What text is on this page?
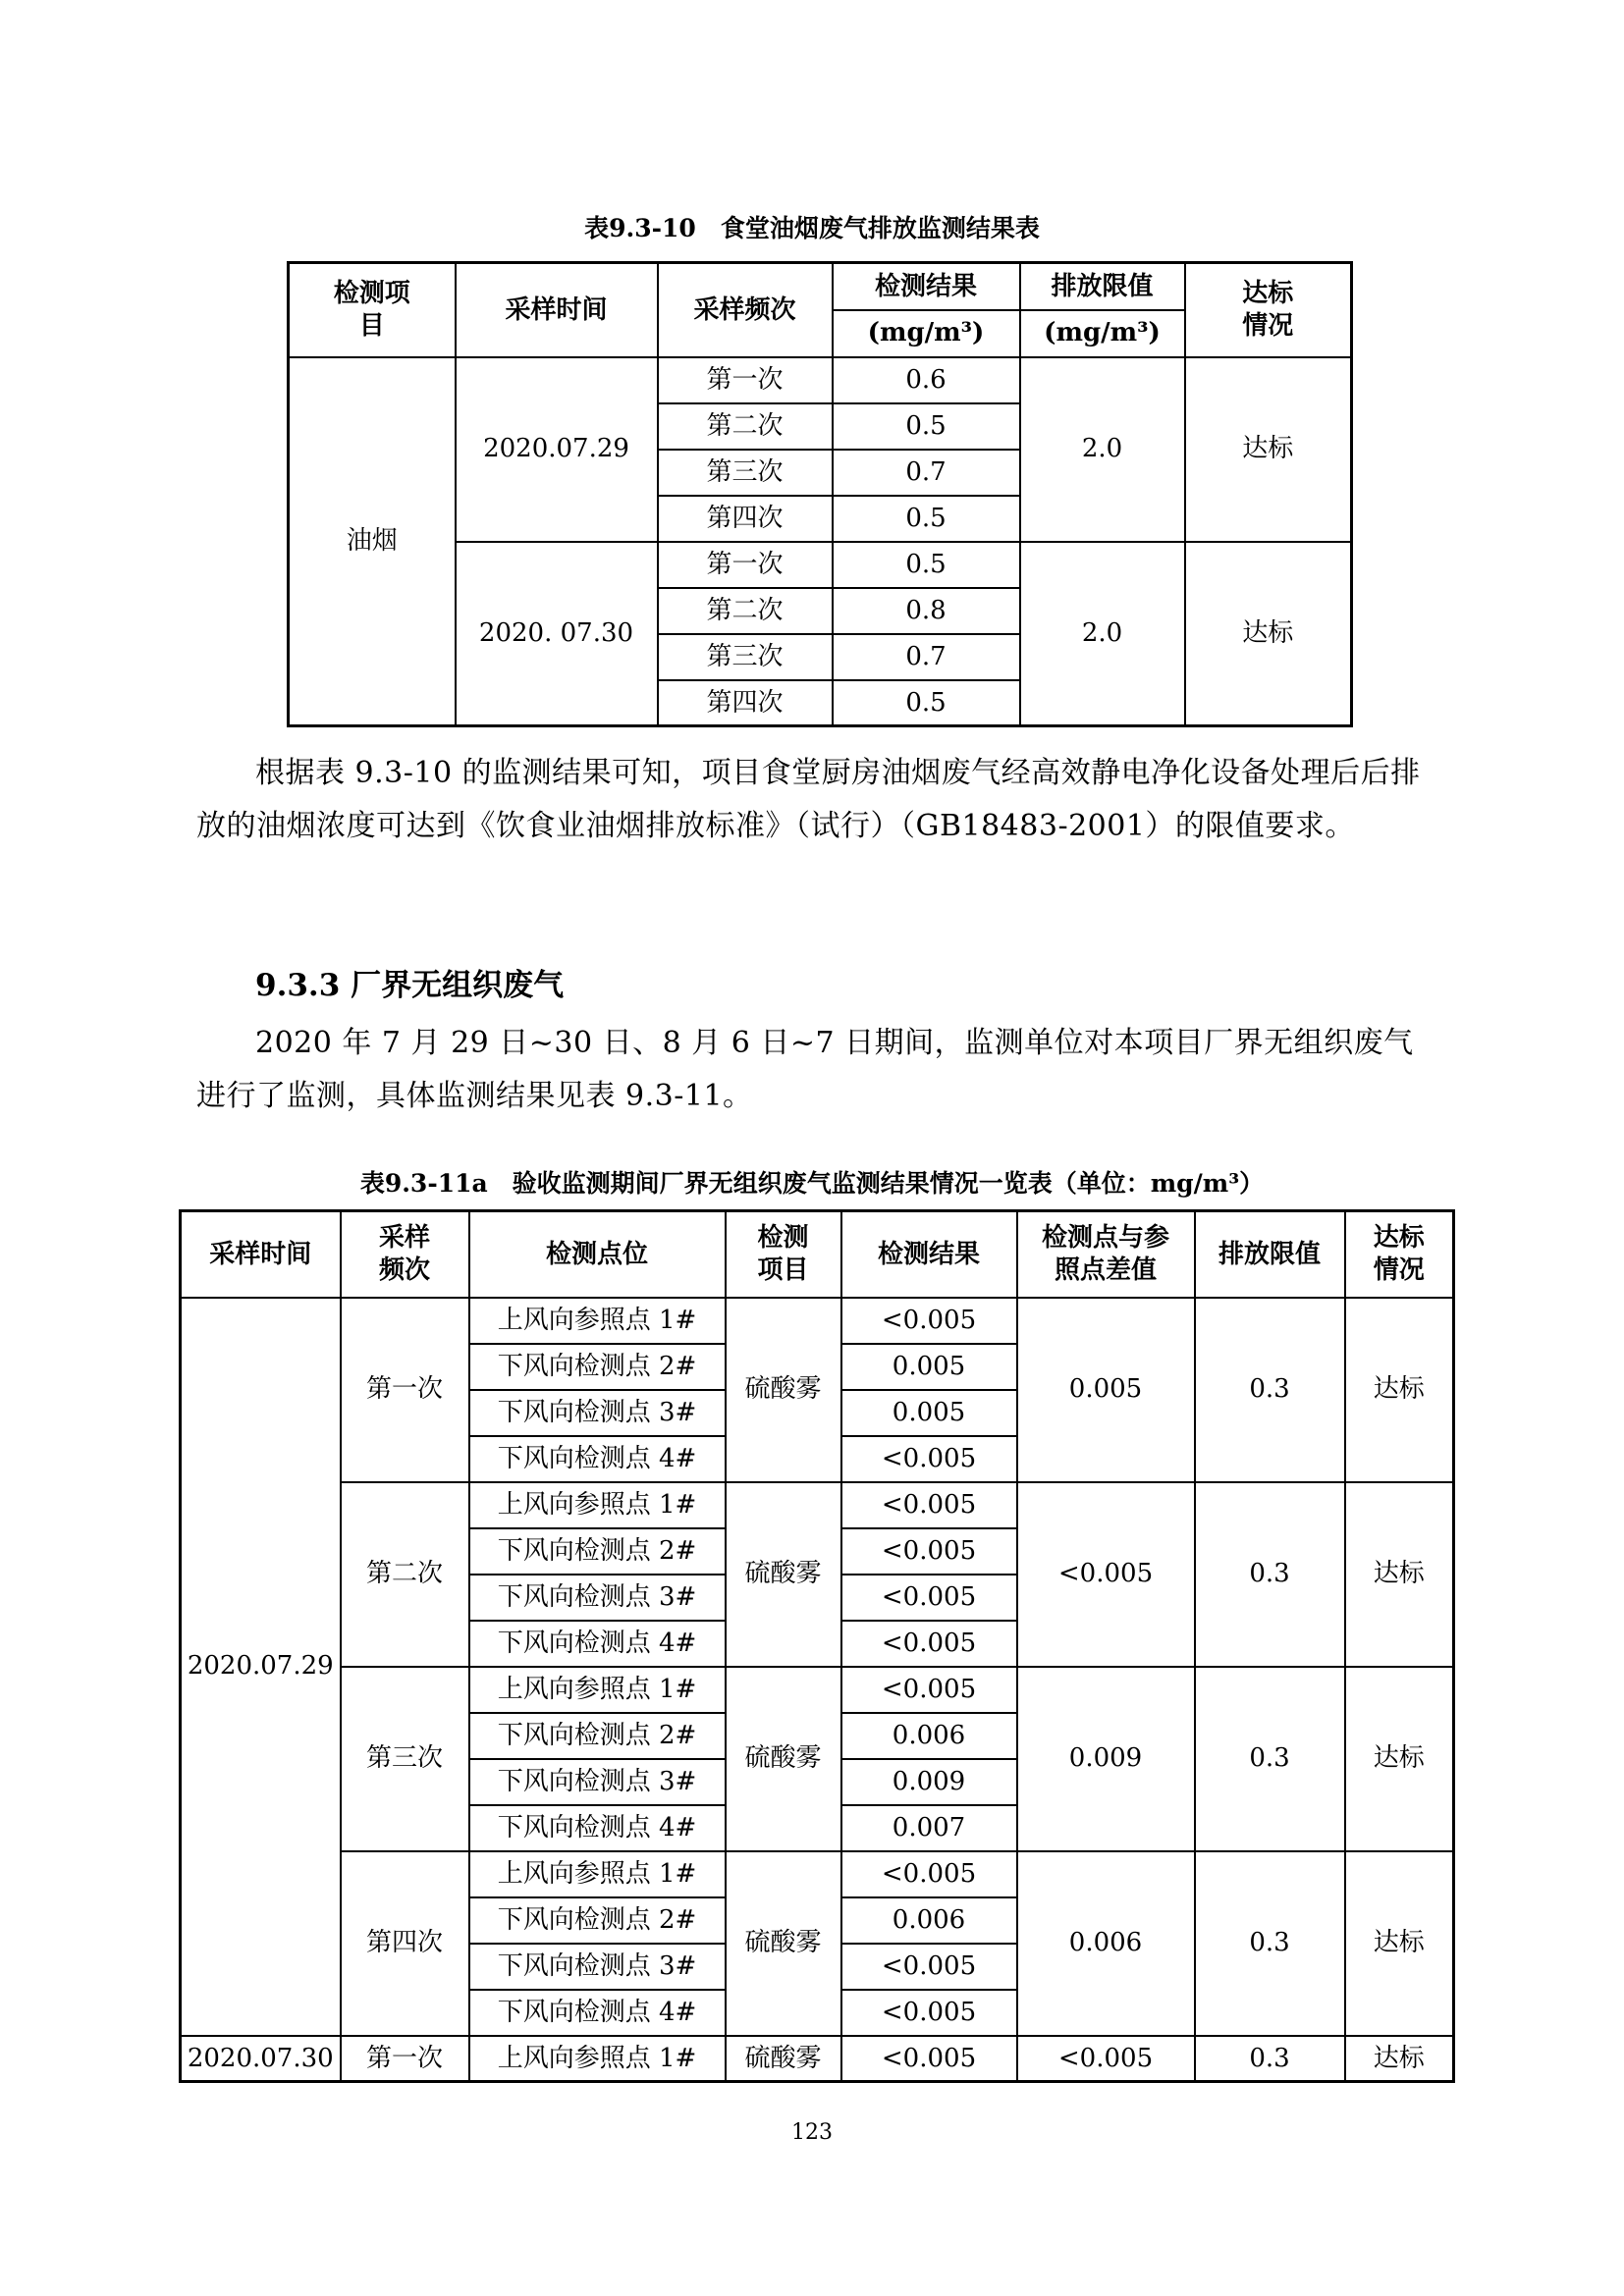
表9.3-10　食堂油烟废气排放监测结果表
检测项目	采样时间	采样频次	检测结果	排放限值	达标情况
			(mg/m³)	(mg/m³)	
油烟	2020.07.29	第一次	0.6	2.0	达标
		第二次	0.5		
		第三次	0.7		
		第四次	0.5		
	2020. 07.30	第一次	0.5	2.0	达标
		第二次	0.8		
		第三次	0.7		
		第四次	0.5		
根据表 9.3-10 的监测结果可知，项目食堂厨房油烟废气经高效静电净化设备处理后后排放的油烟浓度可达到《饮食业油烟排放标准》（试行）（GB18483-2001）的限值要求。
9.3.3 厂界无组织废气
2020 年 7 月 29 日~30 日、8 月 6 日~7 日期间，监测单位对本项目厂界无组织废气进行了监测，具体监测结果见表 9.3-11。
表9.3-11a　验收监测期间厂界无组织废气监测结果情况一览表（单位：mg/m³）
采样时间	采样频次	检测点位	检测项目	检测结果	检测点与参照点差值	排放限值	达标情况
2020.07.29	第一次	上风向参照点 1#	硫酸雾	<0.005	0.005	0.3	达标
		下风向检测点 2#		0.005			
		下风向检测点 3#		0.005			
		下风向检测点 4#		<0.005			
	第二次	上风向参照点 1#	硫酸雾	<0.005	<0.005	0.3	达标
		下风向检测点 2#		<0.005			
		下风向检测点 3#		<0.005			
		下风向检测点 4#		<0.005			
	第三次	上风向参照点 1#	硫酸雾	<0.005	0.009	0.3	达标
		下风向检测点 2#		0.006			
		下风向检测点 3#		0.009			
		下风向检测点 4#		0.007			
	第四次	上风向参照点 1#	硫酸雾	<0.005	0.006	0.3	达标
		下风向检测点 2#		0.006			
		下风向检测点 3#		<0.005			
		下风向检测点 4#		<0.005			
2020.07.30	第一次	上风向参照点 1#	硫酸雾	<0.005	<0.005	0.3	达标
123
